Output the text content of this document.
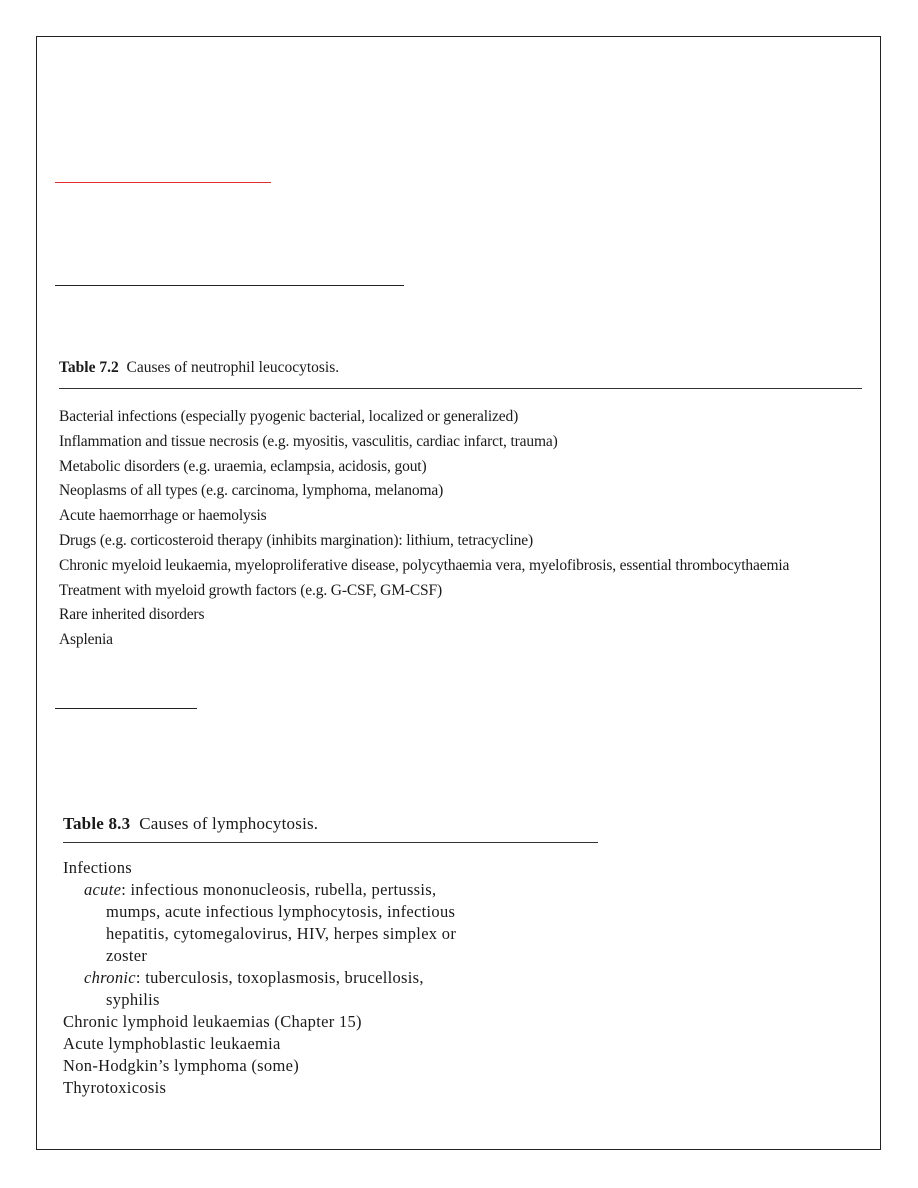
Table 7.2 Causes of neutrophil leucocytosis.

Bacterial infections (especially pyogenic bacterial, localized or generalized)
Inflammation and tissue necrosis (e.g. myositis, vasculitis, cardiac infarct, trauma)
Metabolic disorders (e.g. uraemia, eclampsia, acidosis, gout)
Neoplasms of all types (e.g. carcinoma, lymphoma, melanoma)
Acute haemorrhage or haemolysis
Drugs (e.g. corticosteroid therapy (inhibits margination): lithium, tetracycline)
Chronic myeloid leukaemia, myeloproliferative disease, polycythaemia vera, myelofibrosis, essential thrombocythaemia
Treatment with myeloid growth factors (e.g. G-CSF, GM-CSF)
Rare inherited disorders
Asplenia

Table 8.3 Causes of lymphocytosis.

Infections
acute: infectious mononucleosis, rubella, pertussis,
mumps, acute infectious lymphocytosis, infectious
hepatitis, cytomegalovirus, HIV, herpes simplex or
zoster
chronic: tuberculosis, toxoplasmosis, brucellosis,
syphilis
Chronic lymphoid leukaemias (Chapter 15)
Acute lymphoblastic leukaemia
Non-Hodgkin’s lymphoma (some)
Thyrotoxicosis
